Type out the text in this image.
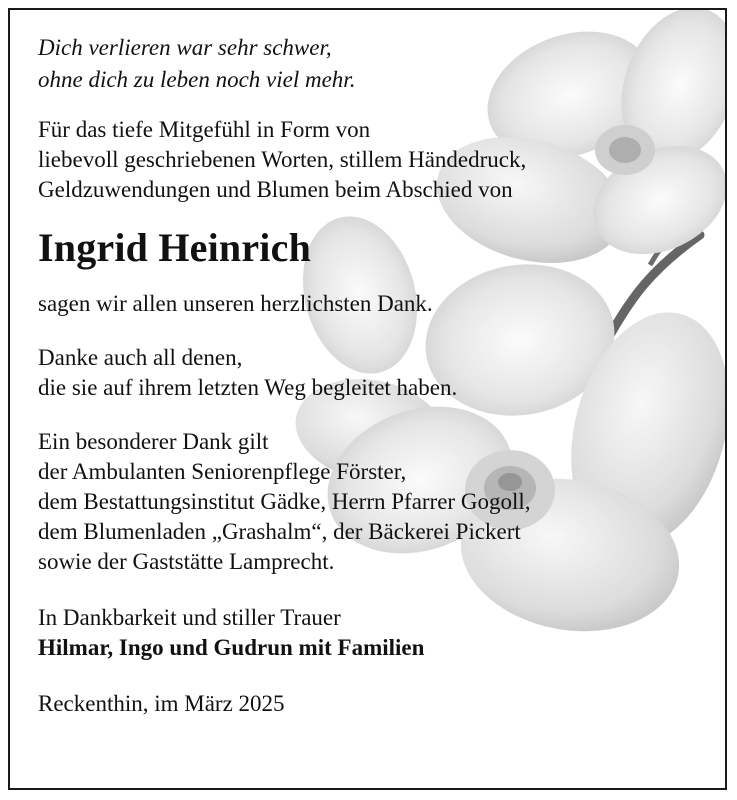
Dich verlieren war sehr schwer,
ohne dich zu leben noch viel mehr.
Für das tiefe Mitgefühl in Form von
liebevoll geschriebenen Worten, stillem Händedruck,
Geldzuwendungen und Blumen beim Abschied von
Ingrid Heinrich
sagen wir allen unseren herzlichsten Dank.
Danke auch all denen,
die sie auf ihrem letzten Weg begleitet haben.
Ein besonderer Dank gilt
der Ambulanten Seniorenpflege Förster,
dem Bestattungsinstitut Gädke, Herrn Pfarrer Gogoll,
dem Blumenladen „Grashalm“, der Bäckerei Pickert
sowie der Gaststätte Lamprecht.
In Dankbarkeit und stiller Trauer
Hilmar, Ingo und Gudrun mit Familien
Reckenthin, im März 2025
